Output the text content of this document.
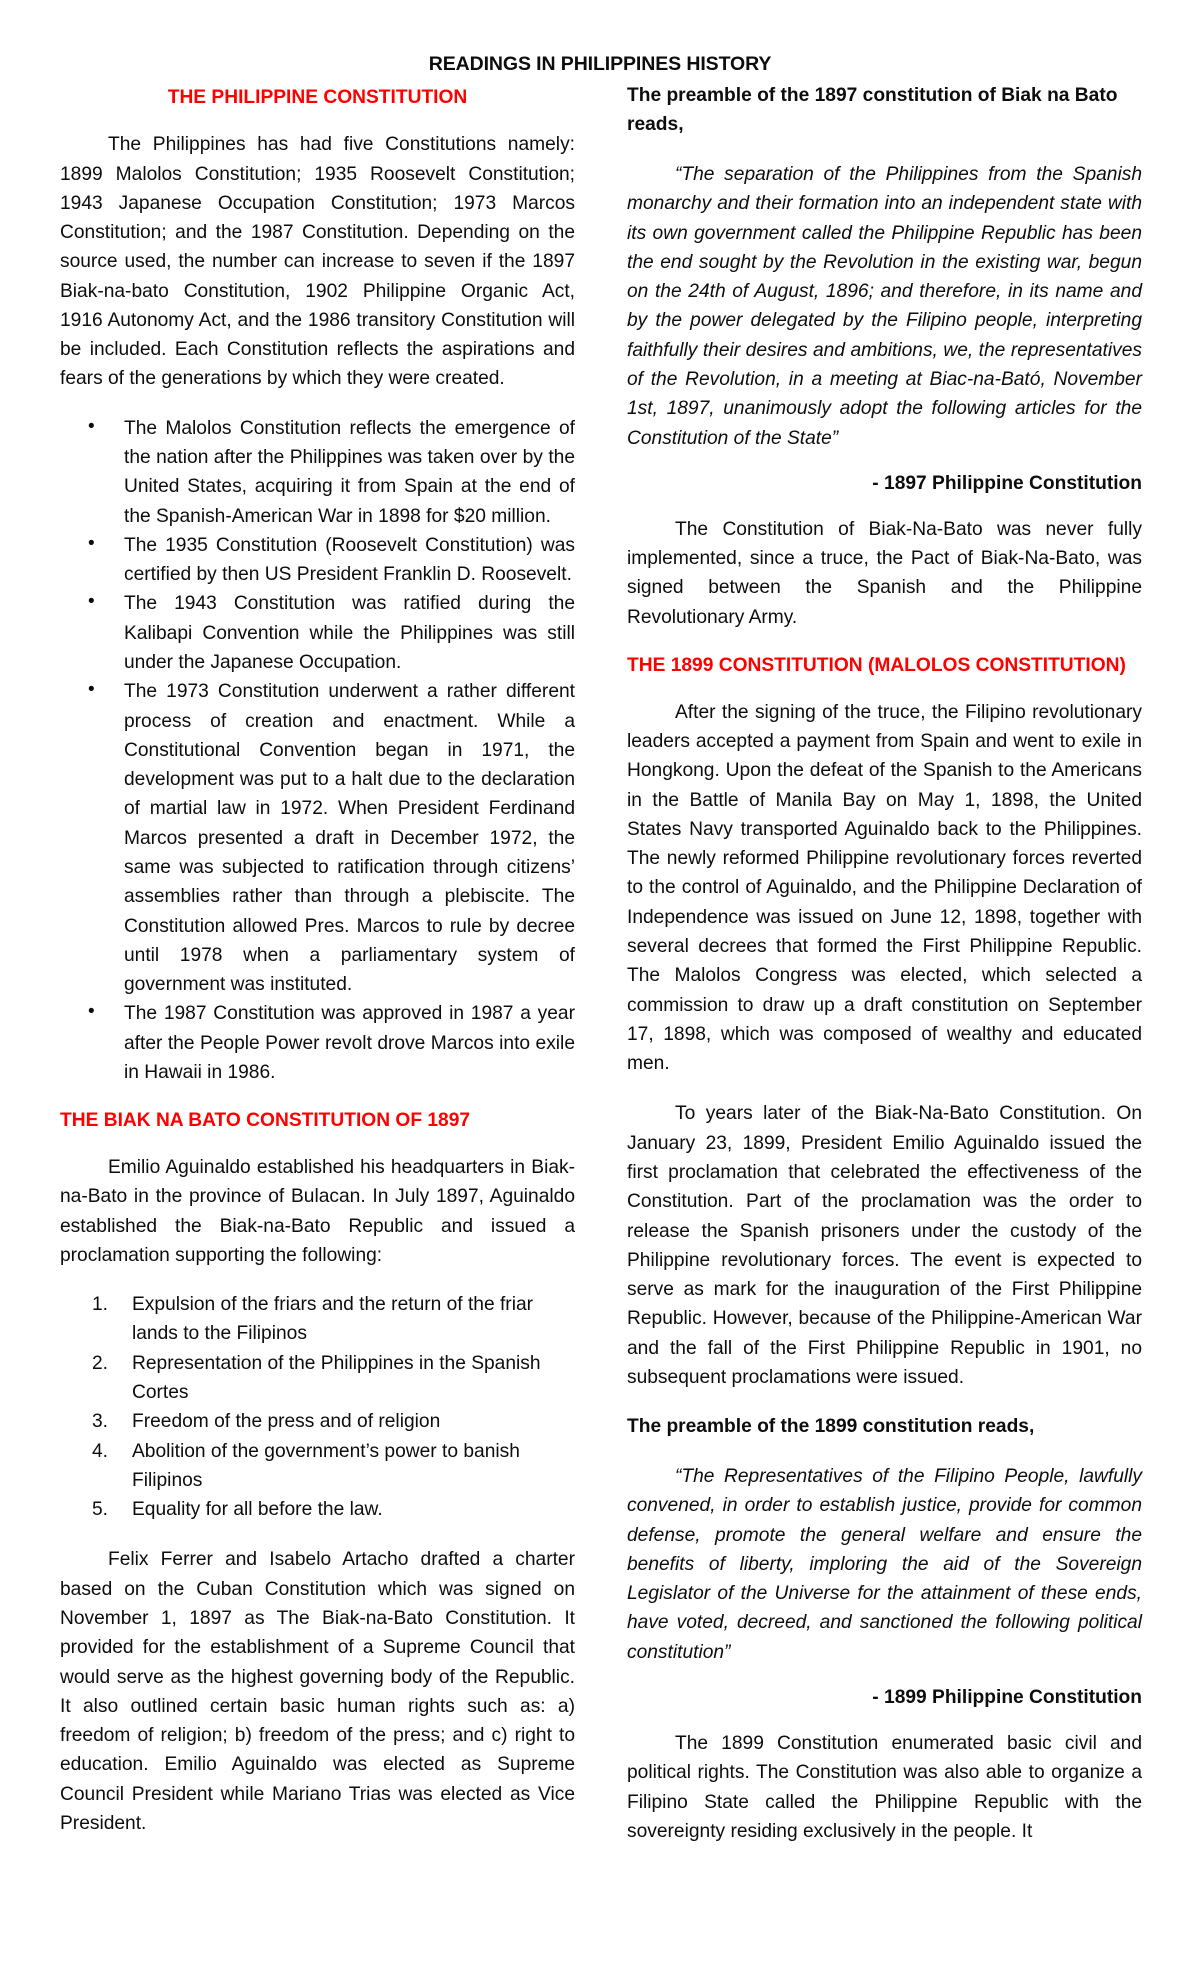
READINGS IN PHILIPPINES HISTORY
THE PHILIPPINE CONSTITUTION

The Philippines has had five Constitutions namely: 1899 Malolos Constitution; 1935 Roosevelt Constitution; 1943 Japanese Occupation Constitution; 1973 Marcos Constitution; and the 1987 Constitution. Depending on the source used, the number can increase to seven if the 1897 Biak-na-bato Constitution, 1902 Philippine Organic Act, 1916 Autonomy Act, and the 1986 transitory Constitution will be included. Each Constitution reflects the aspirations and fears of the generations by which they were created.

• The Malolos Constitution reflects the emergence of the nation after the Philippines was taken over by the United States, acquiring it from Spain at the end of the Spanish-American War in 1898 for $20 million.
• The 1935 Constitution (Roosevelt Constitution) was certified by then US President Franklin D. Roosevelt.
• The 1943 Constitution was ratified during the Kalibapi Convention while the Philippines was still under the Japanese Occupation.
• The 1973 Constitution underwent a rather different process of creation and enactment. While a Constitutional Convention began in 1971, the development was put to a halt due to the declaration of martial law in 1972. When President Ferdinand Marcos presented a draft in December 1972, the same was subjected to ratification through citizens’ assemblies rather than through a plebiscite. The Constitution allowed Pres. Marcos to rule by decree until 1978 when a parliamentary system of government was instituted.
• The 1987 Constitution was approved in 1987 a year after the People Power revolt drove Marcos into exile in Hawaii in 1986.
THE BIAK NA BATO CONSTITUTION OF 1897

Emilio Aguinaldo established his headquarters in Biak-na-Bato in the province of Bulacan. In July 1897, Aguinaldo established the Biak-na-Bato Republic and issued a proclamation supporting the following:

Expulsion of the friars and the return of the friar lands to the Filipinos
Representation of the Philippines in the Spanish Cortes
Freedom of the press and of religion
Abolition of the government’s power to banish Filipinos
Equality for all before the law.

Felix Ferrer and Isabelo Artacho drafted a charter based on the Cuban Constitution which was signed on November 1, 1897 as The Biak-na-Bato Constitution. It provided for the establishment of a Supreme Council that would serve as the highest governing body of the Republic. It also outlined certain basic human rights such as: a) freedom of religion; b) freedom of the press; and c) right to education. Emilio Aguinaldo was elected as Supreme Council President while Mariano Trias was elected as Vice President.

The preamble of the 1897 constitution of Biak na Bato reads,

“The separation of the Philippines from the Spanish monarchy and their formation into an independent state with its own government called the Philippine Republic has been the end sought by the Revolution in the existing war, begun on the 24th of August, 1896; and therefore, in its name and by the power delegated by the Filipino people, interpreting faithfully their desires and ambitions, we, the representatives of the Revolution, in a meeting at Biac-na-Bató, November 1st, 1897, unanimously adopt the following articles for the Constitution of the State”

- 1897 Philippine Constitution

The Constitution of Biak-Na-Bato was never fully implemented, since a truce, the Pact of Biak-Na-Bato, was signed between the Spanish and the Philippine Revolutionary Army.

THE 1899 CONSTITUTION (MALOLOS CONSTITUTION)

After the signing of the truce, the Filipino revolutionary leaders accepted a payment from Spain and went to exile in Hongkong. Upon the defeat of the Spanish to the Americans in the Battle of Manila Bay on May 1, 1898, the United States Navy transported Aguinaldo back to the Philippines. The newly reformed Philippine revolutionary forces reverted to the control of Aguinaldo, and the Philippine Declaration of Independence was issued on June 12, 1898, together with several decrees that formed the First Philippine Republic. The Malolos Congress was elected, which selected a commission to draw up a draft constitution on September 17, 1898, which was composed of wealthy and educated men.

To years later of the Biak-Na-Bato Constitution. On January 23, 1899, President Emilio Aguinaldo issued the first proclamation that celebrated the effectiveness of the Constitution. Part of the proclamation was the order to release the Spanish prisoners under the custody of the Philippine revolutionary forces. The event is expected to serve as mark for the inauguration of the First Philippine Republic. However, because of the Philippine-American War and the fall of the First Philippine Republic in 1901, no subsequent proclamations were issued.

The preamble of the 1899 constitution reads,

“The Representatives of the Filipino People, lawfully convened, in order to establish justice, provide for common defense, promote the general welfare and ensure the benefits of liberty, imploring the aid of the Sovereign Legislator of the Universe for the attainment of these ends, have voted, decreed, and sanctioned the following political constitution”

- 1899 Philippine Constitution

The 1899 Constitution enumerated basic civil and political rights. The Constitution was also able to organize a Filipino State called the Philippine Republic with the sovereignty residing exclusively in the people. It
